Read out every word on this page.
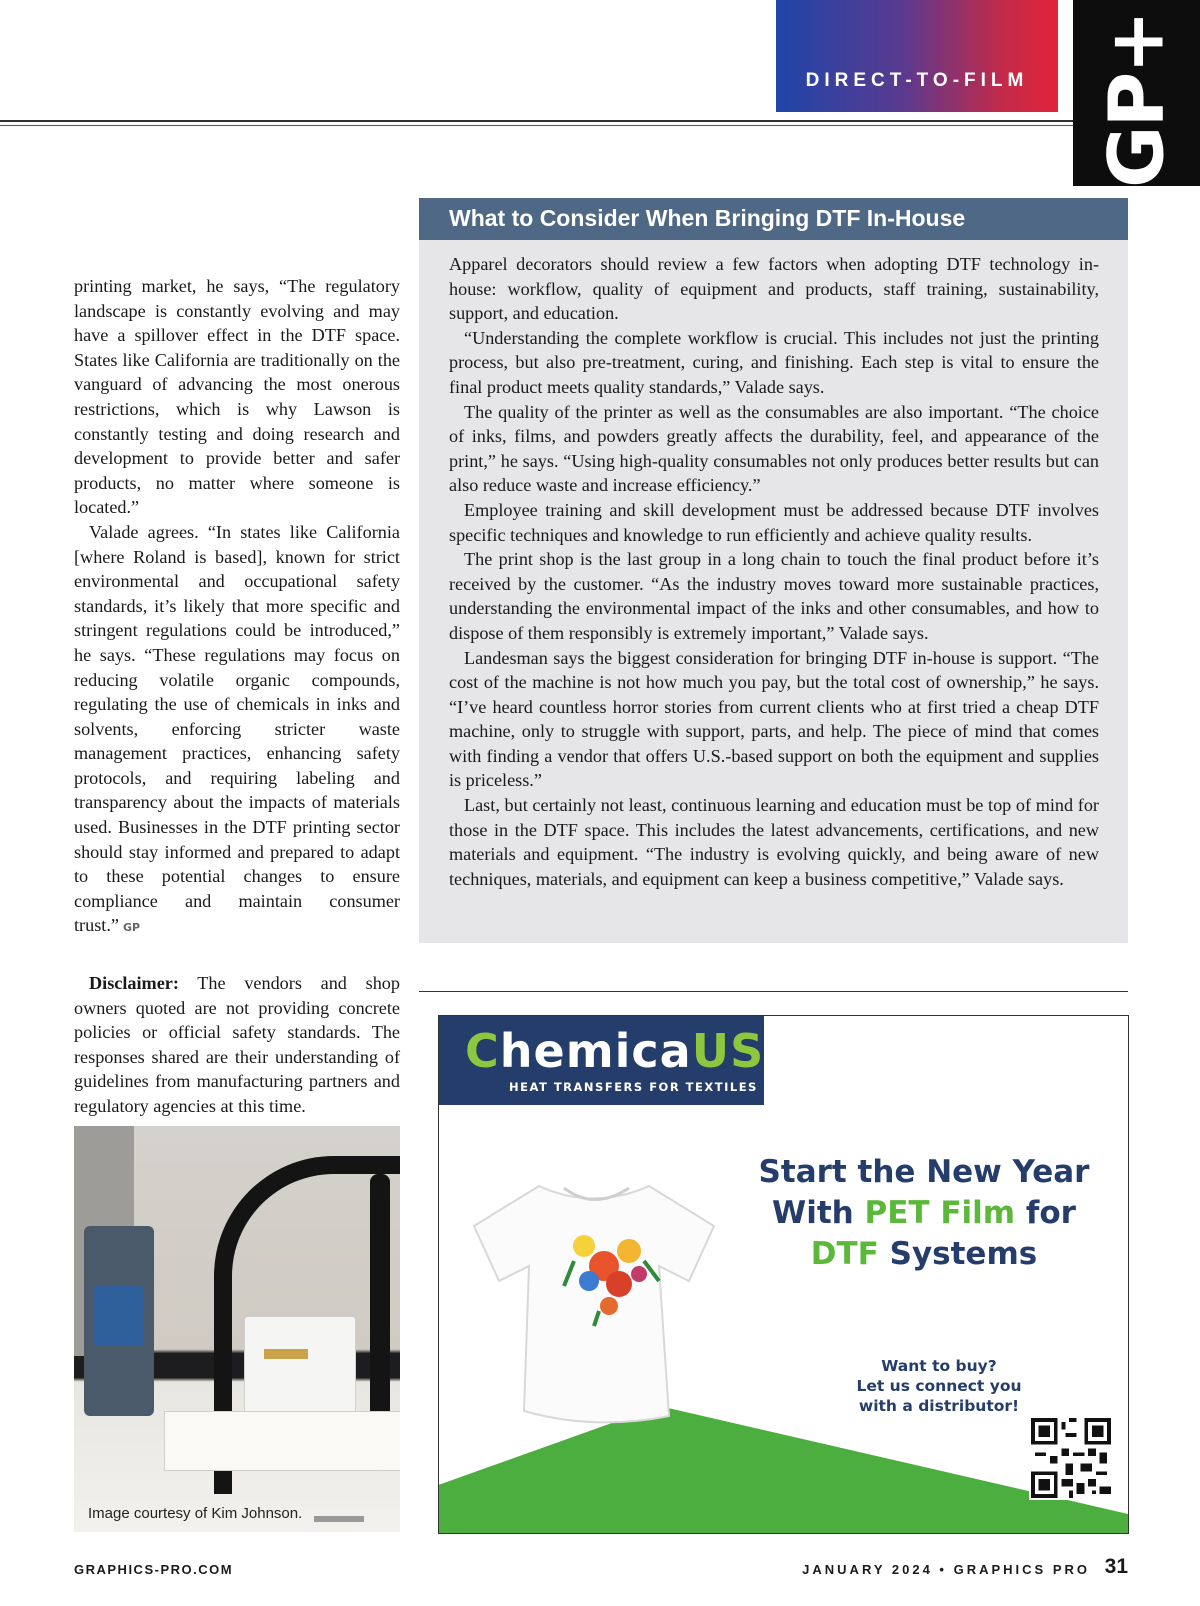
DIRECT-TO-FILM GP+

printing market, he says, “The regulatory landscape is constantly evolving and may have a spillover effect in the DTF space. States like California are traditionally on the vanguard of advancing the most onerous restrictions, which is why Lawson is constantly testing and doing research and development to provide better and safer products, no matter where someone is located.”

Valade agrees. “In states like California [where Roland is based], known for strict environmental and occupational safety standards, it’s likely that more specific and stringent regulations could be introduced,” he says. “These regulations may focus on reducing volatile organic compounds, regulating the use of chemicals in inks and solvents, enforcing stricter waste management practices, enhancing safety protocols, and requiring labeling and transparency about the impacts of materials used. Businesses in the DTF printing sector should stay informed and prepared to adapt to these potential changes to ensure compliance and maintain consumer trust.” GP

Disclaimer: The vendors and shop owners quoted are not providing concrete policies or official safety standards. The responses shared are their understanding of guidelines from manufacturing partners and regulatory agencies at this time.

Image courtesy of Kim Johnson.
What to Consider When Bringing DTF In-House

Apparel decorators should review a few factors when adopting DTF technology in-house: workflow, quality of equipment and products, staff training, sustainability, support, and education.

“Understanding the complete workflow is crucial. This includes not just the printing process, but also pre-treatment, curing, and finishing. Each step is vital to ensure the final product meets quality standards,” Valade says.

The quality of the printer as well as the consumables are also important. “The choice of inks, films, and powders greatly affects the durability, feel, and appearance of the print,” he says. “Using high-quality consumables not only produces better results but can also reduce waste and increase efficiency.”

Employee training and skill development must be addressed because DTF involves specific techniques and knowledge to run efficiently and achieve quality results.

The print shop is the last group in a long chain to touch the final product before it’s received by the customer. “As the industry moves toward more sustainable practices, understanding the environmental impact of the inks and other consumables, and how to dispose of them responsibly is extremely important,” Valade says.

Landesman says the biggest consideration for bringing DTF in-house is support. “The cost of the machine is not how much you pay, but the total cost of ownership,” he says. “I’ve heard countless horror stories from current clients who at first tried a cheap DTF machine, only to struggle with support, parts, and help. The piece of mind that comes with finding a vendor that offers U.S.-based support on both the equipment and supplies is priceless.”

Last, but certainly not least, continuous learning and education must be top of mind for those in the DTF space. This includes the latest advancements, certifications, and new materials and equipment. “The industry is evolving quickly, and being aware of new techniques, materials, and equipment can keep a business competitive,” Valade says.

ChemicaUS
HEAT TRANSFERS FOR TEXTILES
Start the New Year
With PET Film for
DTF Systems
Want to buy?
Let us connect you
with a distributor!
GRAPHICS-PRO.COM	JANUARY 2024 • GRAPHICS PRO 31
